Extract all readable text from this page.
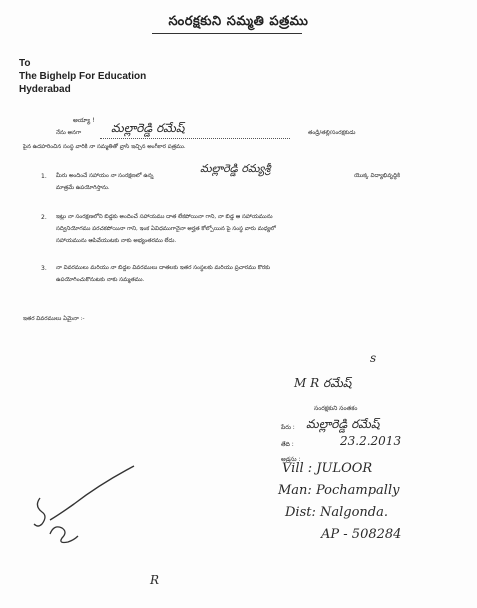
సంరక్షకుని సమ్మతి పత్రము
To
The Bighelp For Education
Hyderabad
అయ్యా !
నేను అనగా మల్లారెడ్డి రమేష్	తండ్రి/తల్లి/సంరక్షకుడు
పైన ఉదహరించిన సంస్థ వారికి నా సమ్మతితో వ్రాసి ఇచ్చిన అంగీకార పత్రము.
1. మీరు అందించే సహాయం నా సంరక్షణలో ఉన్న
మల్లారెడ్డి రమ్యశ్రీ
యొక్క విద్యాభివృద్ధికి
మాత్రమే ఉపయోగిస్తాను.
2. ఇట్లు నా సంరక్షణలోని బిడ్డకు అందించే సహాయము దాత లేకపోయినా గాని, నా బిడ్డ ఆ సహాయమును
సద్వినియోగము పరచకపోయినా గాని, ఇంక ఏవిధముగానైనా అర్హత కోల్పోయిన పై సంస్థ వారు మధ్యలో
సహాయమును ఆపివేయుటకు నాకు అభ్యంతరము లేదు.
3. నా వివరములు మరియు నా బిడ్డల వివరములు దాతలకు ఇతర సంస్థలకు మరియు ప్రచారము కొరకు
ఉపయోగించుకొనుటకు నాకు సమ్మతము.
ఇతర వివరములు ఏమైనా :-
s
M R రమేష్
సంరక్షకుని సంతకం
పేరు : మల్లారెడ్డి రమేష్
తేది :	23.2.2013
అడ్రసు :
Vill : JULOOR
Man: Pochampally
Dist: Nalgonda.
AP - 508284
R
